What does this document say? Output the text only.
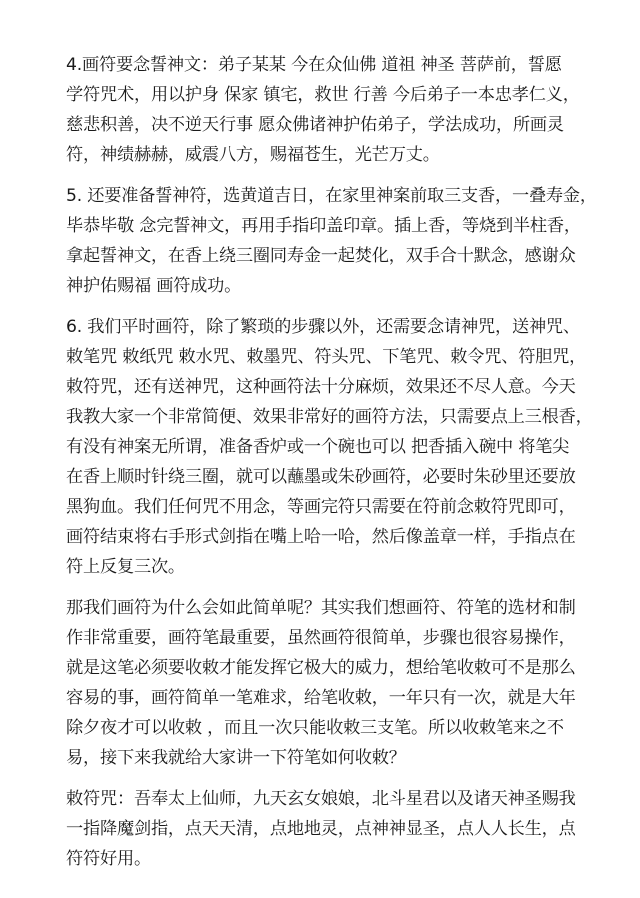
4.画符要念誓神文：弟子某某 今在众仙佛 道祖 神圣 菩萨前，誓愿
学符咒术，用以护身 保家 镇宅，救世 行善 今后弟子一本忠孝仁义，
慈悲积善，决不逆天行事 愿众佛诸神护佑弟子，学法成功，所画灵
符，神绩赫赫，威震八方，赐福苍生，光芒万丈。
5. 还要准备誓神符，选黄道吉日，在家里神案前取三支香，一叠寿金，
毕恭毕敬 念完誓神文，再用手指印盖印章。插上香，等烧到半柱香，
拿起誓神文，在香上绕三圈同寿金一起焚化，双手合十默念，感谢众
神护佑赐福 画符成功。
6. 我们平时画符，除了繁琐的步骤以外，还需要念请神咒，送神咒、
敕笔咒 敕纸咒 敕水咒、敕墨咒、符头咒、下笔咒、敕令咒、符胆咒，
敕符咒，还有送神咒，这种画符法十分麻烦，效果还不尽人意。今天
我教大家一个非常简便、效果非常好的画符方法，只需要点上三根香，
有没有神案无所谓，准备香炉或一个碗也可以 把香插入碗中 将笔尖
在香上顺时针绕三圈，就可以蘸墨或朱砂画符，必要时朱砂里还要放
黑狗血。我们任何咒不用念，等画完符只需要在符前念敕符咒即可，
画符结束将右手形式剑指在嘴上哈一哈，然后像盖章一样，手指点在
符上反复三次。
那我们画符为什么会如此简单呢？其实我们想画符、符笔的选材和制
作非常重要，画符笔最重要，虽然画符很简单，步骤也很容易操作，
就是这笔必须要收敕才能发挥它极大的威力，想给笔收敕可不是那么
容易的事，画符简单一笔难求，给笔收敕，一年只有一次，就是大年
除夕夜才可以收敕 ，而且一次只能收敕三支笔。所以收敕笔来之不
易，接下来我就给大家讲一下符笔如何收敕？
敕符咒：吾奉太上仙师，九天玄女娘娘，北斗星君以及诸天神圣赐我
一指降魔剑指，点天天清，点地地灵，点神神显圣，点人人长生，点
符符好用。
